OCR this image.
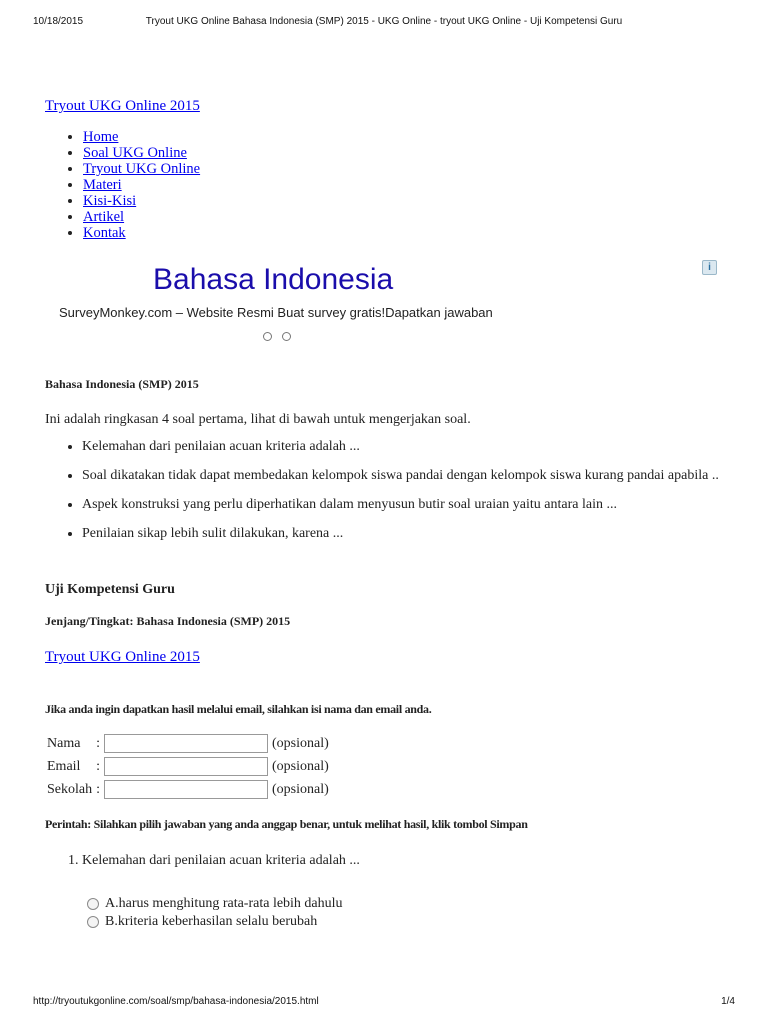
10/18/2015	Tryout UKG Online Bahasa Indonesia (SMP) 2015 - UKG Online - tryout UKG Online - Uji Kompetensi Guru
Tryout UKG Online 2015
• Home
• Soal UKG Online
• Tryout UKG Online
• Materi
• Kisi-Kisi
• Artikel
• Kontak
Bahasa Indonesia
SurveyMonkey.com – Website Resmi Buat survey gratis!Dapatkan jawaban
i
Bahasa Indonesia (SMP) 2015
Ini adalah ringkasan 4 soal pertama, lihat di bawah untuk mengerjakan soal.
• Kelemahan dari penilaian acuan kriteria adalah ...
• Soal dikatakan tidak dapat membedakan kelompok siswa pandai dengan kelompok siswa kurang pandai apabila ..
• Aspek konstruksi yang perlu diperhatikan dalam menyusun butir soal uraian yaitu antara lain ...
• Penilaian sikap lebih sulit dilakukan, karena ...
Uji Kompetensi Guru
Jenjang/Tingkat: Bahasa Indonesia (SMP) 2015
Tryout UKG Online 2015
Jika anda ingin dapatkan hasil melalui email, silahkan isi nama dan email anda.
Nama	:		(opsional)
Email	:		(opsional)
Sekolah	:		(opsional)
Perintah: Silahkan pilih jawaban yang anda anggap benar, untuk melihat hasil, klik tombol Simpan
1. Kelemahan dari penilaian acuan kriteria adalah ...
A.harus menghitung rata-rata lebih dahulu
B.kriteria keberhasilan selalu berubah
http://tryoutukgonline.com/soal/smp/bahasa-indonesia/2015.html	1/4
